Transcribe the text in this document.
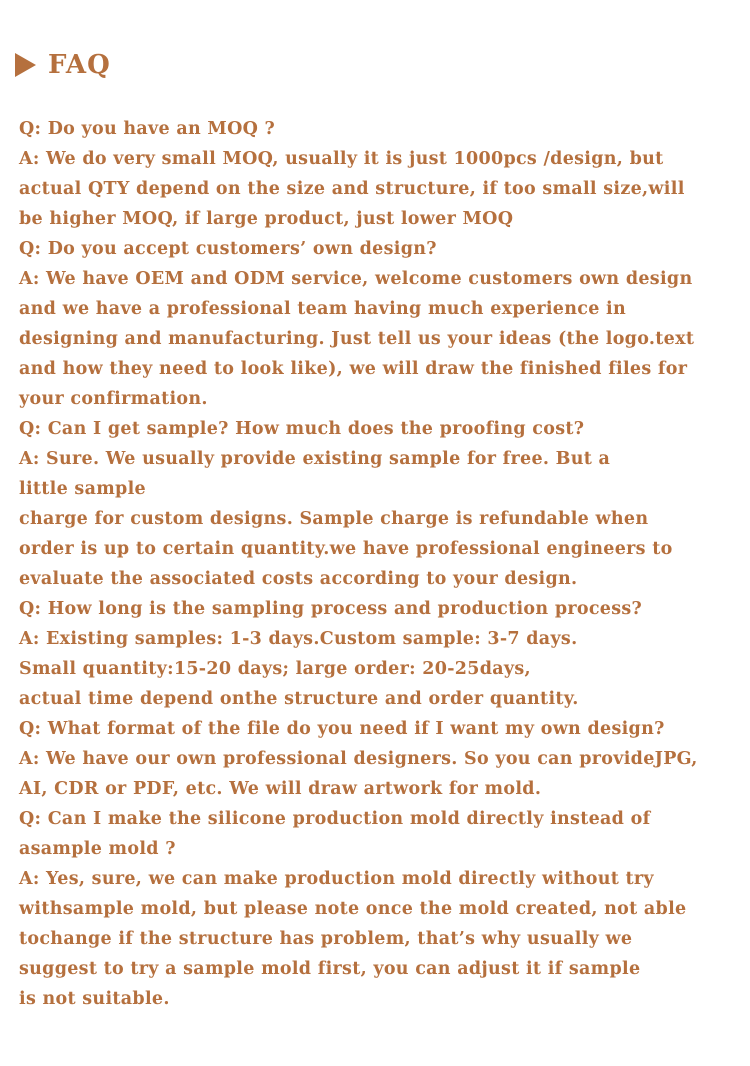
FAQ
Q: Do you have an MOQ ?
A: We do very small MOQ, usually it is just 1000pcs /design, but
actual QTY depend on the size and structure, if too small size,will
be higher MOQ, if large product, just lower MOQ
Q: Do you accept customers’ own design?
A: We have OEM and ODM service, welcome customers own design
and we have a professional team having much experience in
designing and manufacturing. Just tell us your ideas (the logo.text
and how they need to look like), we will draw the finished files for
your confirmation.
Q: Can I get sample? How much does the proofing cost?
A: Sure. We usually provide existing sample for free. But a
little sample
charge for custom designs. Sample charge is refundable when
order is up to certain quantity.we have professional engineers to
evaluate the associated costs according to your design.
Q: How long is the sampling process and production process?
A: Existing samples: 1-3 days.Custom sample: 3-7 days.
Small quantity:15-20 days; large order: 20-25days,
actual time depend onthe structure and order quantity.
Q: What format of the file do you need if I want my own design?
A: We have our own professional designers. So you can provideJPG,
AI, CDR or PDF, etc. We will draw artwork for mold.
Q: Can I make the silicone production mold directly instead of
asample mold ?
A: Yes, sure, we can make production mold directly without try
withsample mold, but please note once the mold created, not able
tochange if the structure has problem, that’s why usually we
suggest to try a sample mold first, you can adjust it if sample
is not suitable.
